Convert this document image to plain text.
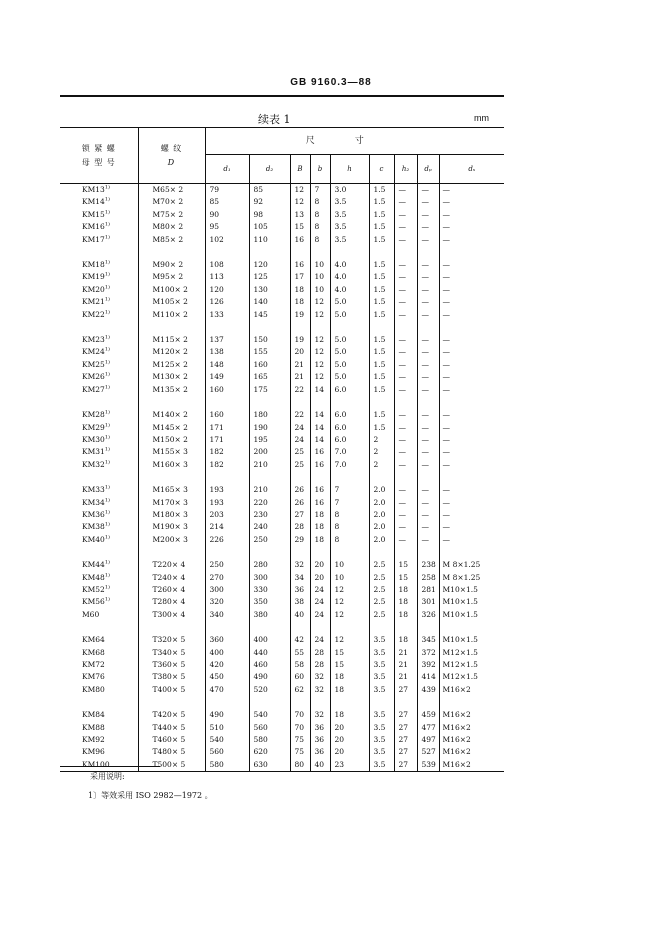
GB 9160.3—88
续表 1	mm
锁 紧 螺
母 型 号	螺 纹
D	尺寸								
		d₁	d₂	B	b	h	c	h₂	dₚ	dₛ
KM13$^{1)}$	M65× 2	79	85	12	7	3.0	1.5	—	—	—
KM14$^{1)}$	M70× 2	85	92	12	8	3.5	1.5	—	—	—
KM15$^{1)}$	M75× 2	90	98	13	8	3.5	1.5	—	—	—
KM16$^{1)}$	M80× 2	95	105	15	8	3.5	1.5	—	—	—
KM17$^{1)}$	M85× 2	102	110	16	8	3.5	1.5	—	—	—

KM18$^{1)}$	M90× 2	108	120	16	10	4.0	1.5	—	—	—
KM19$^{1)}$	M95× 2	113	125	17	10	4.0	1.5	—	—	—
KM20$^{1)}$	M100× 2	120	130	18	10	4.0	1.5	—	—	—
KM21$^{1)}$	M105× 2	126	140	18	12	5.0	1.5	—	—	—
KM22$^{1)}$	M110× 2	133	145	19	12	5.0	1.5	—	—	—

KM23$^{1)}$	M115× 2	137	150	19	12	5.0	1.5	—	—	—
KM24$^{1)}$	M120× 2	138	155	20	12	5.0	1.5	—	—	—
KM25$^{1)}$	M125× 2	148	160	21	12	5.0	1.5	—	—	—
KM26$^{1)}$	M130× 2	149	165	21	12	5.0	1.5	—	—	—
KM27$^{1)}$	M135× 2	160	175	22	14	6.0	1.5	—	—	—

KM28$^{1)}$	M140× 2	160	180	22	14	6.0	1.5	—	—	—
KM29$^{1)}$	M145× 2	171	190	24	14	6.0	1.5	—	—	—
KM30$^{1)}$	M150× 2	171	195	24	14	6.0	2	—	—	—
KM31$^{1)}$	M155× 3	182	200	25	16	7.0	2	—	—	—
KM32$^{1)}$	M160× 3	182	210	25	16	7.0	2	—	—	—

KM33$^{1)}$	M165× 3	193	210	26	16	7	2.0	—	—	—
KM34$^{1)}$	M170× 3	193	220	26	16	7	2.0	—	—	—
KM36$^{1)}$	M180× 3	203	230	27	18	8	2.0	—	—	—
KM38$^{1)}$	M190× 3	214	240	28	18	8	2.0	—	—	—
KM40$^{1)}$	M200× 3	226	250	29	18	8	2.0	—	—	—

KM44$^{1)}$	T220× 4	250	280	32	20	10	2.5	15	238	M 8×1.25
KM48$^{1)}$	T240× 4	270	300	34	20	10	2.5	15	258	M 8×1.25
KM52$^{1)}$	T260× 4	300	330	36	24	12	2.5	18	281	M10×1.5
KM56$^{1)}$	T280× 4	320	350	38	24	12	2.5	18	301	M10×1.5
M60	T300× 4	340	380	40	24	12	2.5	18	326	M10×1.5

KM64	T320× 5	360	400	42	24	12	3.5	18	345	M10×1.5
KM68	T340× 5	400	440	55	28	15	3.5	21	372	M12×1.5
KM72	T360× 5	420	460	58	28	15	3.5	21	392	M12×1.5
KM76	T380× 5	450	490	60	32	18	3.5	21	414	M12×1.5
KM80	T400× 5	470	520	62	32	18	3.5	27	439	M16×2

KM84	T420× 5	490	540	70	32	18	3.5	27	459	M16×2
KM88	T440× 5	510	560	70	36	20	3.5	27	477	M16×2
KM92	T460× 5	540	580	75	36	20	3.5	27	497	M16×2
KM96	T480× 5	560	620	75	36	20	3.5	27	527	M16×2
KM100	T500× 5	580	630	80	40	23	3.5	27	539	M16×2
采用说明:
1〕等效采用 ISO 2982—1972 。
